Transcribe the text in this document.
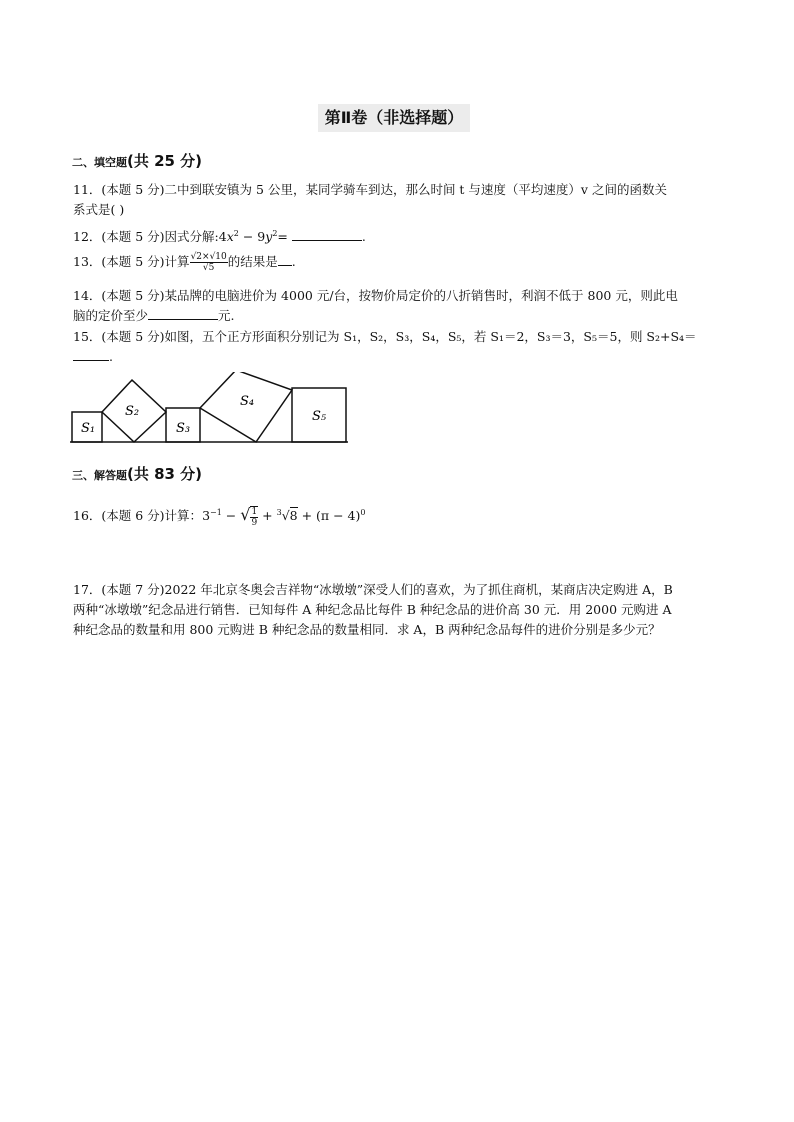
第Ⅱ卷（非选择题）
二、填空题(共 25 分)
11．(本题 5 分)二中到联安镇为 5 公里，某同学骑车到达，那么时间 t 与速度（平均速度）v 之间的函数关
系式是( )
12．(本题 5 分)因式分解$:4x^2 - 9y^2=$	.
13．(本题 5 分)计算 $\frac{√2\times√10}{√5}$ 的结果是 .
14．(本题 5 分)某品牌的电脑进价为 4000 元/台，按物价局定价的八折销售时，利润不低于 800 元，则此电
脑的定价至少	元.
15．(本题 5 分)如图，五个正方形面积分别记为 S₁，S₂，S₃，S₄，S₅，若 S₁＝2，S₃＝3，S₅＝5，则 S₂+S₄＝.
S₁
S₂
S₃
S₄
S₅
三、解答题(共 83 分)
16．(本题 6 分)计算：$3^{-1}$ − √ $\frac{1}{9} + ^3√8 + (\pi - 4)^0$
17．(本题 7 分)2022 年北京冬奥会吉祥物“冰墩墩”深受人们的喜欢，为了抓住商机，某商店决定购进 A，B
两种“冰墩墩”纪念品进行销售．已知每件 A 种纪念品比每件 B 种纪念品的进价高 30 元．用 2000 元购进 A
种纪念品的数量和用 800 元购进 B 种纪念品的数量相同．求 A，B 两种纪念品每件的进价分别是多少元？
